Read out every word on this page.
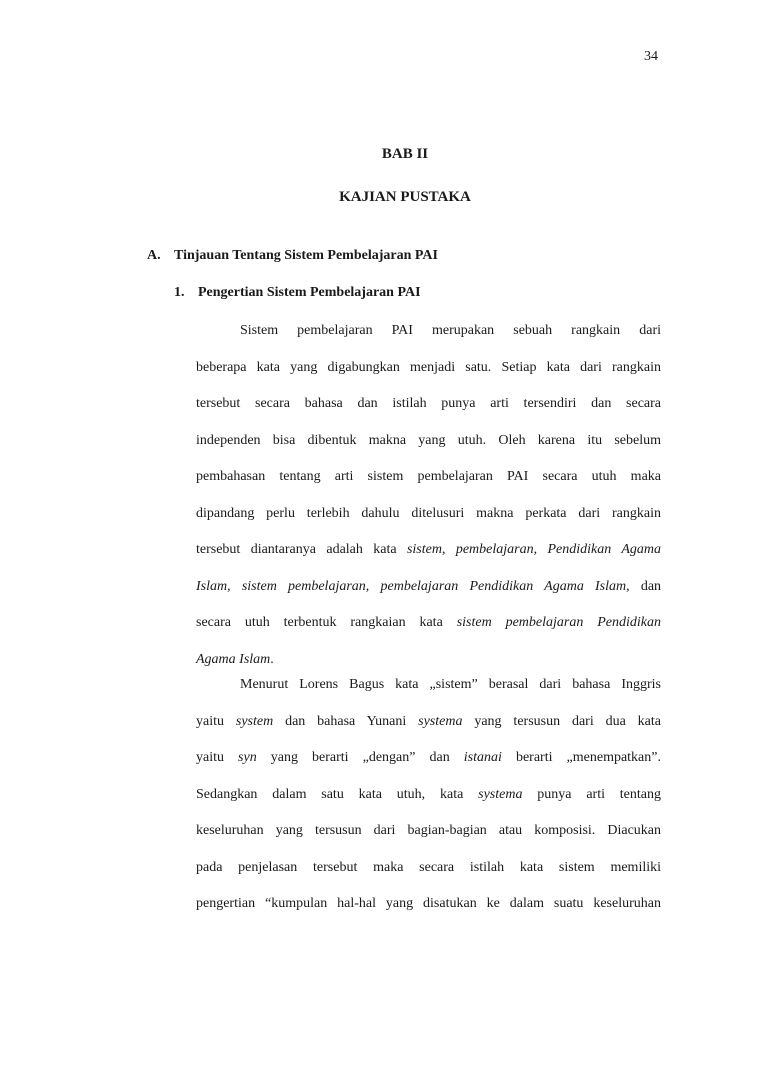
34
BAB II
KAJIAN PUSTAKA
A. Tinjauan Tentang Sistem Pembelajaran PAI
1. Pengertian Sistem Pembelajaran PAI
Sistem pembelajaran PAI merupakan sebuah rangkain dari
beberapa kata yang digabungkan menjadi satu. Setiap kata dari rangkain
tersebut secara bahasa dan istilah punya arti tersendiri dan secara
independen bisa dibentuk makna yang utuh. Oleh karena itu sebelum
pembahasan tentang arti sistem pembelajaran PAI secara utuh maka
dipandang perlu terlebih dahulu ditelusuri makna perkata dari rangkain
tersebut diantaranya adalah kata sistem, pembelajaran, Pendidikan Agama
Islam, sistem pembelajaran, pembelajaran Pendidikan Agama Islam, dan
secara utuh terbentuk rangkaian kata sistem pembelajaran Pendidikan
Agama Islam.
Menurut Lorens Bagus kata „sistem” berasal dari bahasa Inggris
yaitu system dan bahasa Yunani systema yang tersusun dari dua kata
yaitu syn yang berarti „dengan” dan istanai berarti „menempatkan”.
Sedangkan dalam satu kata utuh, kata systema punya arti tentang
keseluruhan yang tersusun dari bagian-bagian atau komposisi. Diacukan
pada penjelasan tersebut maka secara istilah kata sistem memiliki
pengertian “kumpulan hal-hal yang disatukan ke dalam suatu keseluruhan
